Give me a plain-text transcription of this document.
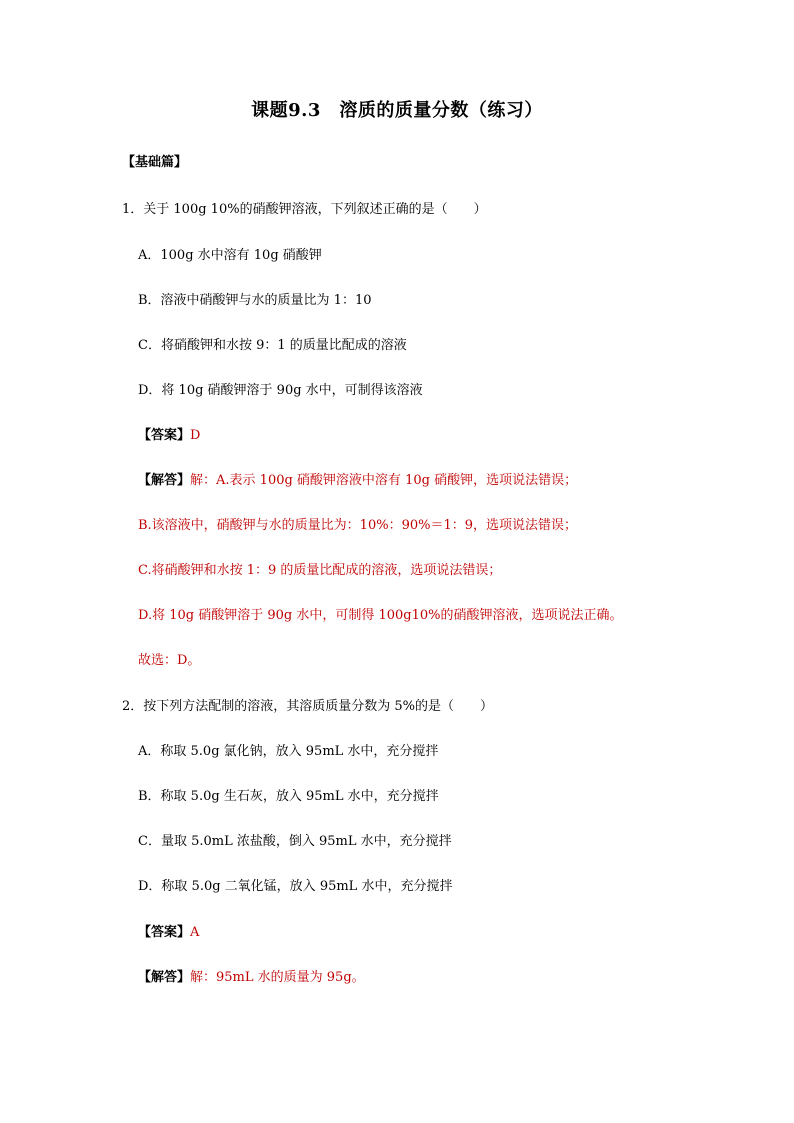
课题9.3　溶质的质量分数（练习）
【基础篇】
1．关于 100g 10%的硝酸钾溶液，下列叙述正确的是（　　）
A．100g 水中溶有 10g 硝酸钾
B．溶液中硝酸钾与水的质量比为 1：10
C．将硝酸钾和水按 9：1 的质量比配成的溶液
D．将 10g 硝酸钾溶于 90g 水中，可制得该溶液
【答案】D
【解答】解：A.表示 100g 硝酸钾溶液中溶有 10g 硝酸钾，选项说法错误；
B.该溶液中，硝酸钾与水的质量比为：10%：90%＝1：9，选项说法错误；
C.将硝酸钾和水按 1：9 的质量比配成的溶液，选项说法错误；
D.将 10g 硝酸钾溶于 90g 水中，可制得 100g10%的硝酸钾溶液，选项说法正确。
故选：D。
2．按下列方法配制的溶液，其溶质质量分数为 5%的是（　　）
A．称取 5.0g 氯化钠，放入 95mL 水中，充分搅拌
B．称取 5.0g 生石灰，放入 95mL 水中，充分搅拌
C．量取 5.0mL 浓盐酸，倒入 95mL 水中，充分搅拌
D．称取 5.0g 二氧化锰，放入 95mL 水中，充分搅拌
【答案】A
【解答】解：95mL 水的质量为 95g。
